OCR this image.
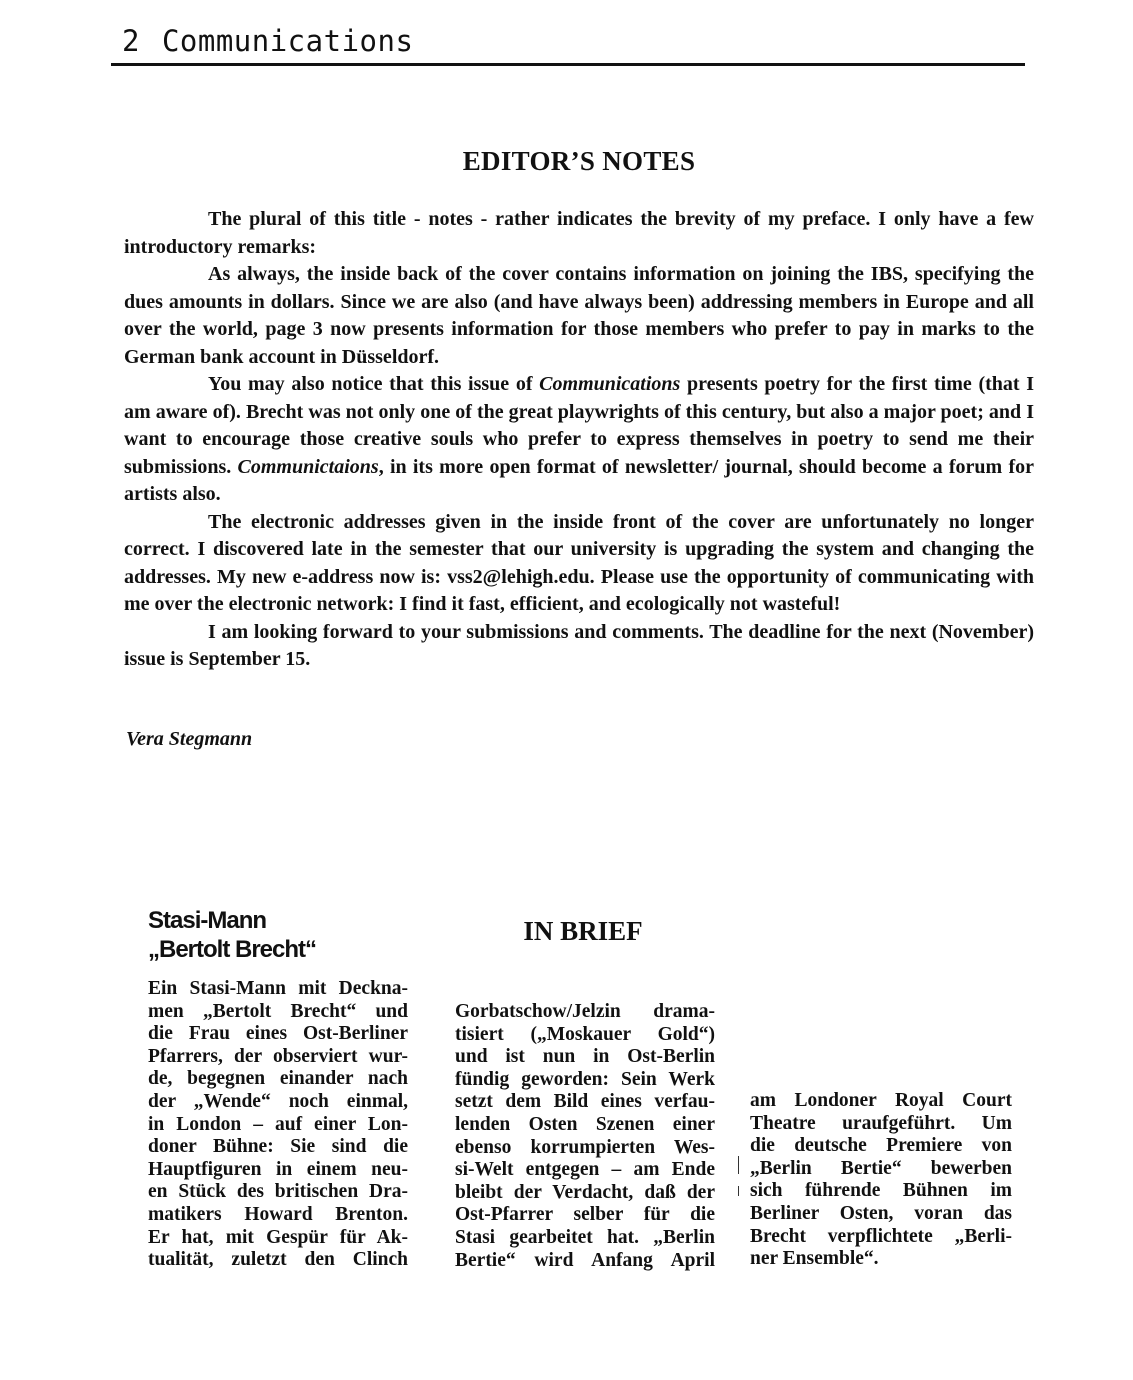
2 Communications
EDITOR’S NOTES

The plural of this title - notes - rather indicates the brevity of my preface. I only have a few introductory remarks:

As always, the inside back of the cover contains information on joining the IBS, specifying the dues amounts in dollars. Since we are also (and have always been) addressing members in Europe and all over the world, page 3 now presents information for those members who prefer to pay in marks to the German bank account in Düsseldorf.

You may also notice that this issue of Communications presents poetry for the first time (that I am aware of). Brecht was not only one of the great playwrights of this century, but also a major poet; and I want to encourage those creative souls who prefer to express themselves in poetry to send me their submissions. Communictaions, in its more open format of newsletter/ journal, should become a forum for artists also.

The electronic addresses given in the inside front of the cover are unfortunately no longer correct. I discovered late in the semester that our university is upgrading the system and changing the addresses. My new e-address now is: vss2@lehigh.edu. Please use the opportunity of communicating with me over the electronic network: I find it fast, efficient, and ecologically not wasteful!

I am looking forward to your submissions and comments. The deadline for the next (November) issue is September 15.

Vera Stegmann
Stasi-Mann
„Bertolt Brecht“
IN BRIEF
Ein Stasi-Mann mit Deckna-
men „Bertolt Brecht“ und
die Frau eines Ost-Berliner
Pfarrers, der observiert wur-
de, begegnen einander nach
der „Wende“ noch einmal,
in London – auf einer Lon-
doner Bühne: Sie sind die
Hauptfiguren in einem neu-
en Stück des britischen Dra-
matikers Howard Brenton.
Er hat, mit Gespür für Ak-
tualität, zuletzt den Clinch
Gorbatschow/Jelzin drama-
tisiert („Moskauer Gold“)
und ist nun in Ost-Berlin
fündig geworden: Sein Werk
setzt dem Bild eines verfau-
lenden Osten Szenen einer
ebenso korrumpierten Wes-
si-Welt entgegen – am Ende
bleibt der Verdacht, daß der
Ost-Pfarrer selber für die
Stasi gearbeitet hat. „Berlin
Bertie“ wird Anfang April
am Londoner Royal Court
Theatre uraufgeführt. Um
die deutsche Premiere von
„Berlin Bertie“ bewerben
sich führende Bühnen im
Berliner Osten, voran das
Brecht verpflichtete „Berli-
ner Ensemble“.
